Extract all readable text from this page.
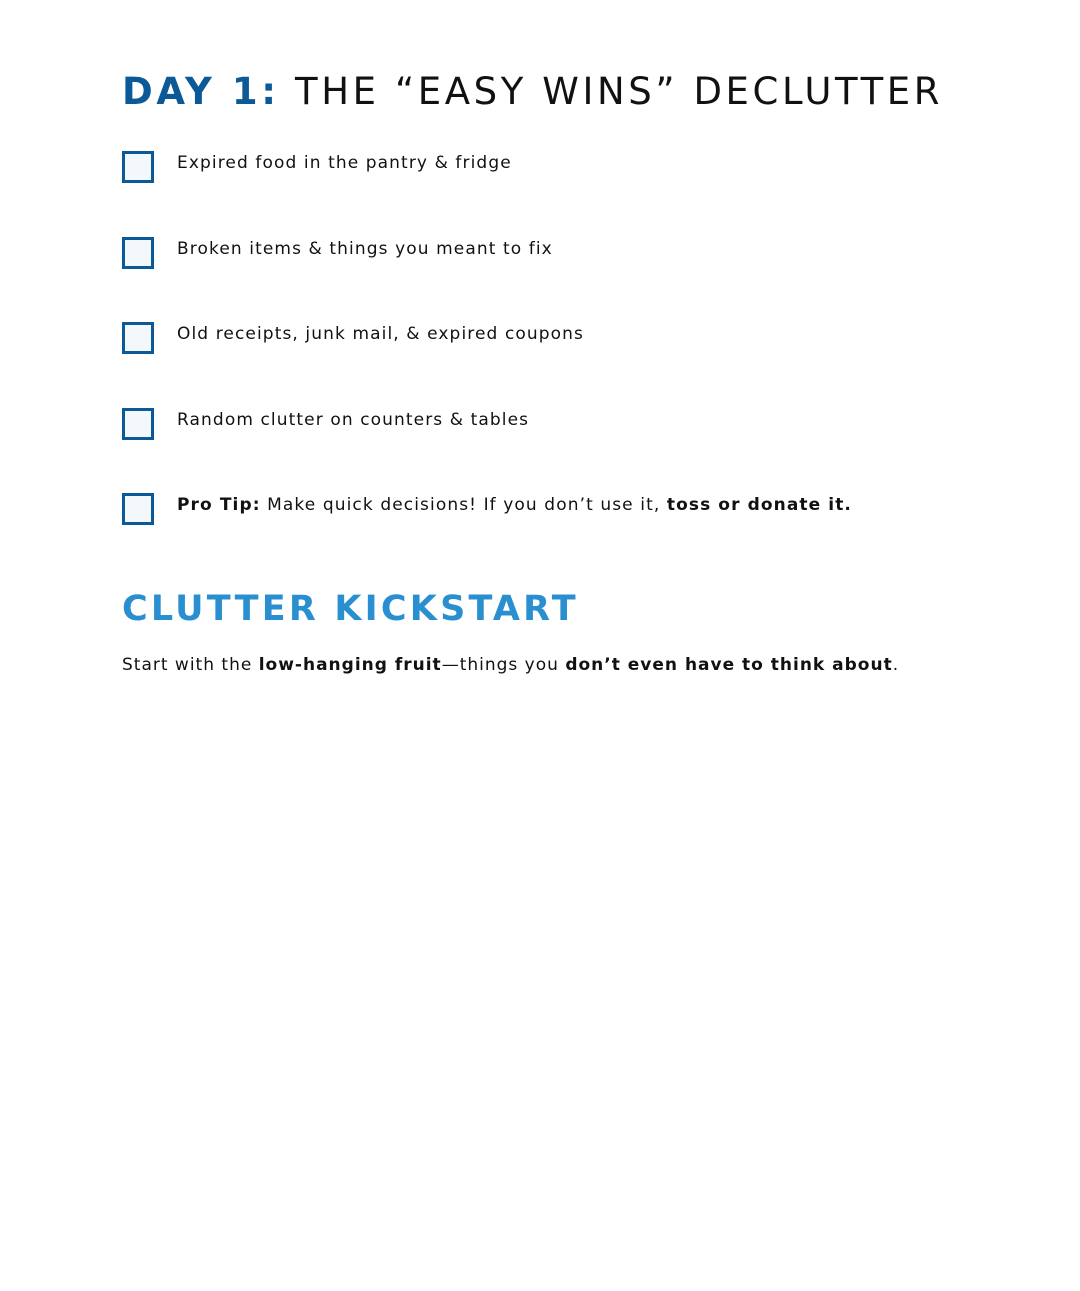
DAY 1: THE “EASY WINS” DECLUTTER
Expired food in the pantry & fridge
Broken items & things you meant to fix
Old receipts, junk mail, & expired coupons
Random clutter on counters & tables
Pro Tip: Make quick decisions! If you don’t use it, toss or donate it.
CLUTTER KICKSTART

Start with the low-hanging fruit—things you don’t even have to think about.
